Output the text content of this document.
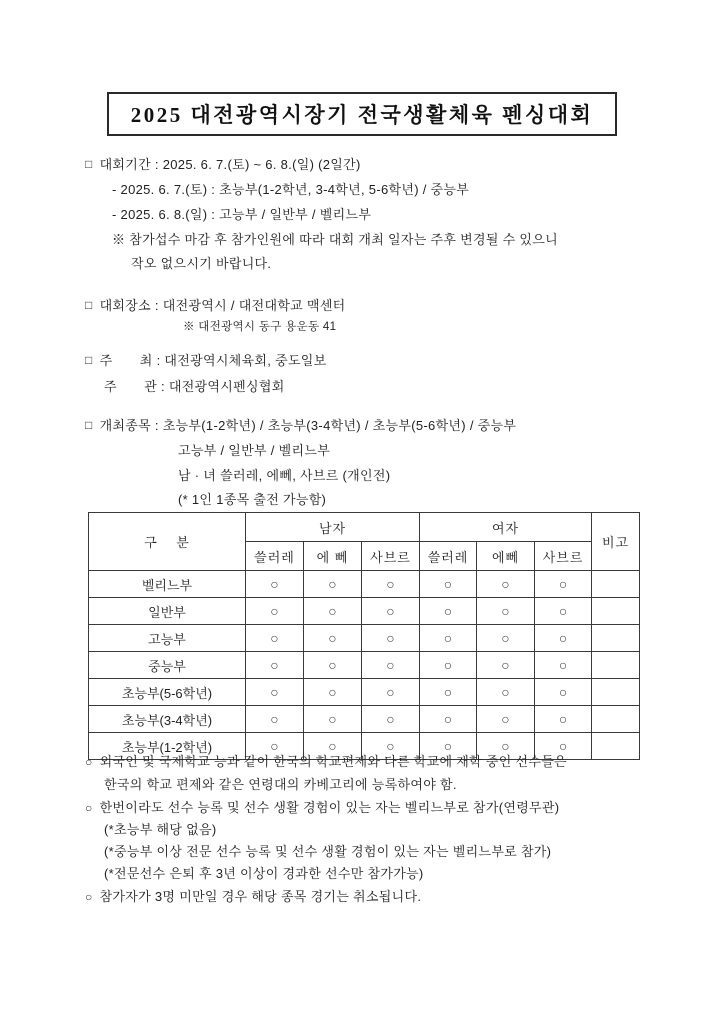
2025 대전광역시장기 전국생활체육 펜싱대회
□ 대회기간 : 2025. 6. 7.(토) ~ 6. 8.(일) (2일간)
- 2025. 6. 7.(토) : 초능부(1-2학년, 3-4학년, 5-6학년) / 중능부
- 2025. 6. 8.(일) : 고능부 / 일반부 / 벨리느부
※ 참가섭수 마감 후 참가인원에 따라 대회 개최 일자는 주후 변경될 수 있으니
작오 없으시기 바랍니다.
□ 대회장소 : 대전광역시 / 대전대학교 맥센터
※ 대전광역시 동구 용운동 41
□ 주       최 : 대전광역시체육회, 중도일보
주       관 : 대전광역시펜싱협회
□ 개최종목 : 초능부(1-2학년) / 초능부(3-4학년) / 초능부(5-6학년) / 중능부
고능부 / 일반부 / 벨리느부
남 · 녀 쓸러레, 에뻬, 사브르 (개인전)
(* 1인 1종목 출전 가능함)
구    분	남자			여자			비고
	쓸러레	에 뻬	사브르	쓸러레	에뻬	사브르	
벨리느부	○	○	○	○	○	○	
일반부	○	○	○	○	○	○	
고능부	○	○	○	○	○	○	
중능부	○	○	○	○	○	○	
초능부(5-6학년)	○	○	○	○	○	○	
초능부(3-4학년)	○	○	○	○	○	○	
초능부(1-2학년)	○	○	○	○	○	○	
○ 외국인 및 국제학교 능과 같이 한국의 학교편제와 다른 학교에 재학 중인 선수들은
한국의 학교 편제와 같은 연령대의 카베고리에 능록하여야 함.
○ 한번이라도 선수 능록 및 선수 생활 경험이 있는 자는 벨리느부로 참가(연령무관)
(*초능부 해당 없음)
(*중능부 이상 전문 선수 능록 및 선수 생활 경험이 있는 자는 벨리느부로 참가)
(*전문선수 은퇴 후 3년 이상이 경과한 선수만 참가가능)
○ 참가자가 3명 미만일 경우 해당 종목 경기는 취소됩니다.
